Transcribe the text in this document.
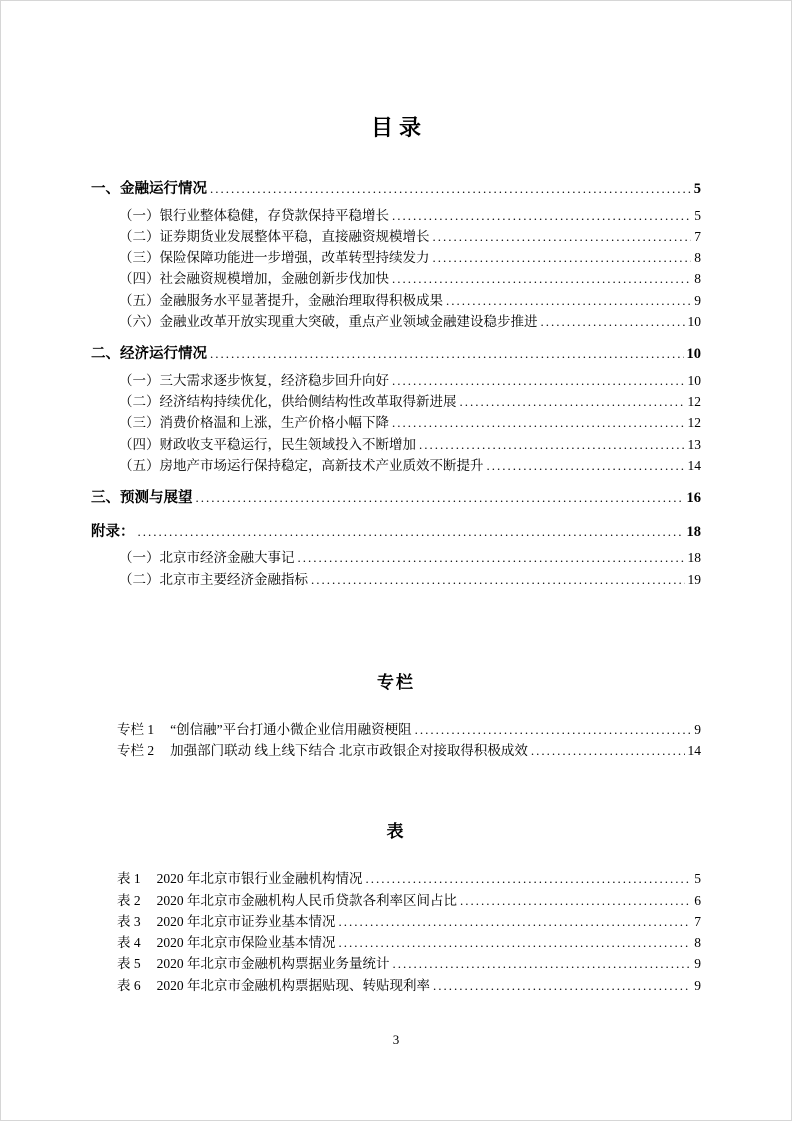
目录
一、金融运行情况 .....	5
（一）银行业整体稳健，存贷款保持平稳增长 .....	5
（二）证券期货业发展整体平稳，直接融资规模增长 .....	7
（三）保险保障功能进一步增强，改革转型持续发力 .....	8
（四）社会融资规模增加，金融创新步伐加快 .....	8
（五）金融服务水平显著提升，金融治理取得积极成果 .....	9
（六）金融业改革开放实现重大突破，重点产业领域金融建设稳步推进 .....	10
二、经济运行情况 .....	10
（一）三大需求逐步恢复，经济稳步回升向好 .....	10
（二）经济结构持续优化，供给侧结构性改革取得新进展 .....	12
（三）消费价格温和上涨，生产价格小幅下降 .....	12
（四）财政收支平稳运行，民生领域投入不断增加 .....	13
（五）房地产市场运行保持稳定，高新技术产业质效不断提升 .....	14
三、预测与展望 .....	16
附录： .....	18
（一）北京市经济金融大事记 .....	18
（二）北京市主要经济金融指标 .....	19
专栏
专栏 1 “创信融”平台打通小微企业信用融资梗阻 .....	9
专栏 2 加强部门联动 线上线下结合 北京市政银企对接取得积极成效 .....	14
表
表 1 2020 年北京市银行业金融机构情况 .....	5
表 2 2020 年北京市金融机构人民币贷款各利率区间占比 .....	6
表 3 2020 年北京市证券业基本情况 .....	7
表 4 2020 年北京市保险业基本情况 .....	8
表 5 2020 年北京市金融机构票据业务量统计 .....	9
表 6 2020 年北京市金融机构票据贴现、转贴现利率 .....	9
3
